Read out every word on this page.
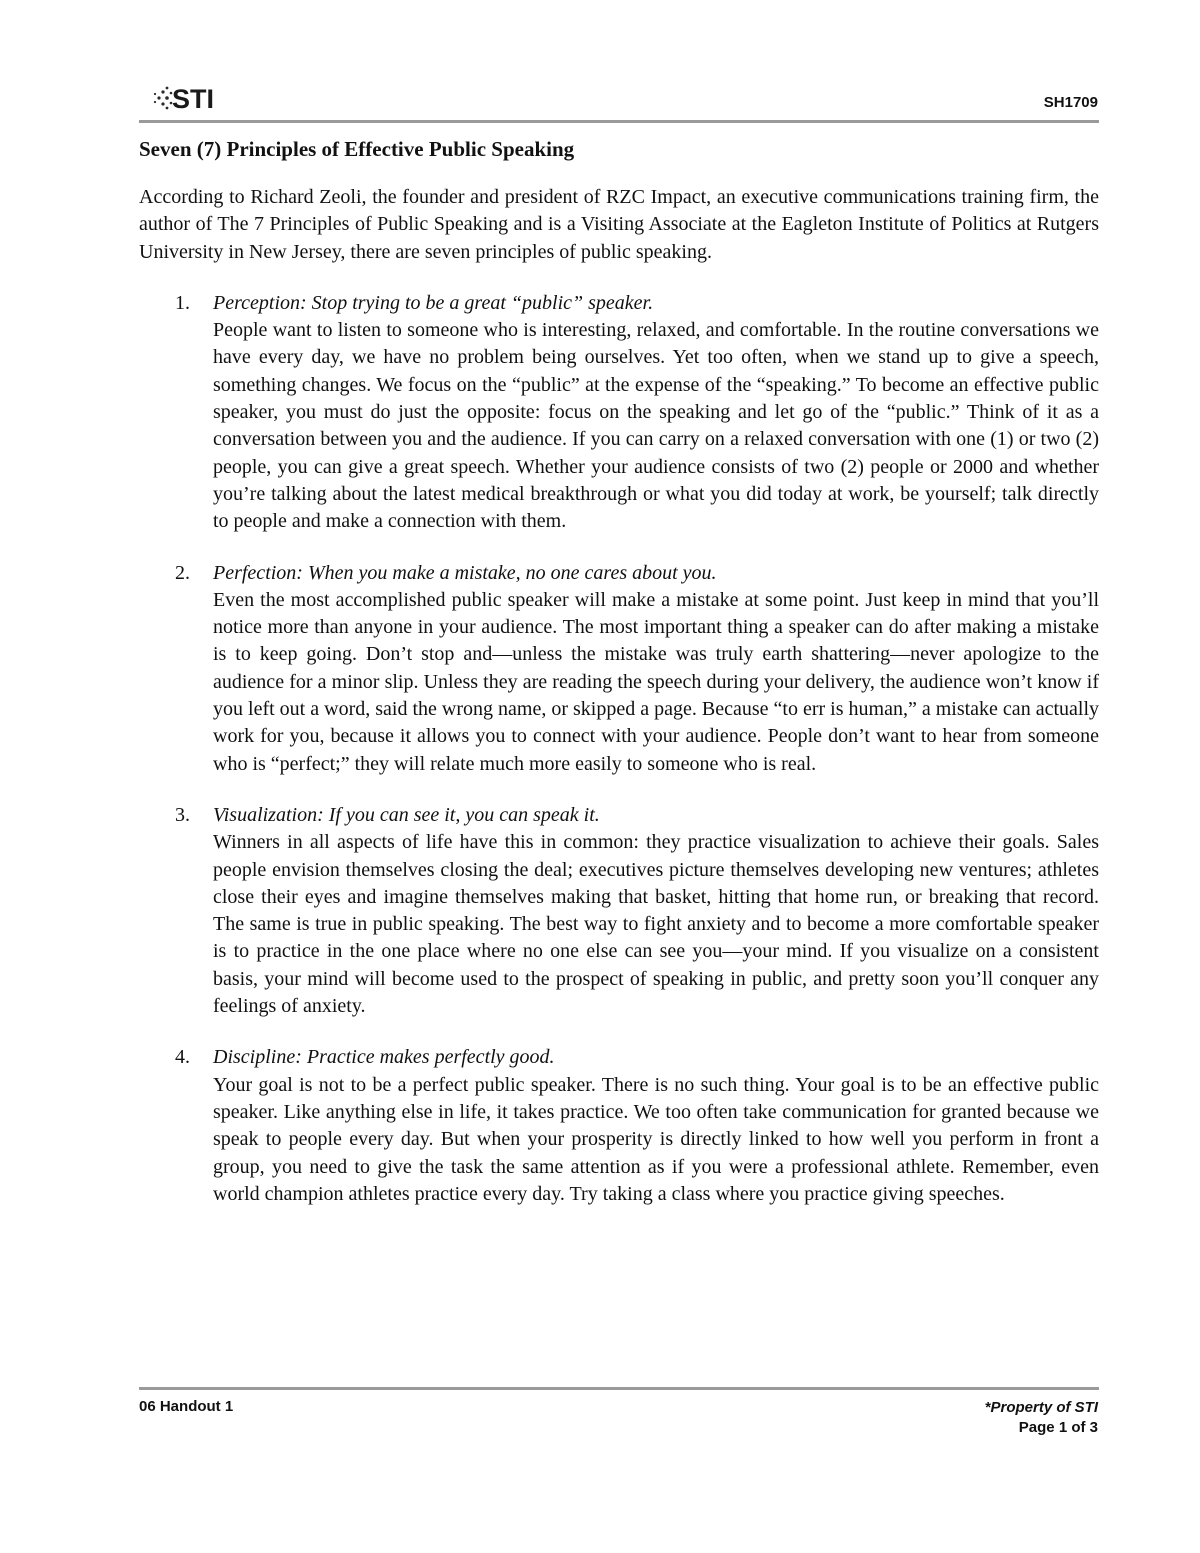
STI	SH1709
Seven (7) Principles of Effective Public Speaking

According to Richard Zeoli, the founder and president of RZC Impact, an executive communications training firm, the author of The 7 Principles of Public Speaking and is a Visiting Associate at the Eagleton Institute of Politics at Rutgers University in New Jersey, there are seven principles of public speaking.

1. Perception: Stop trying to be a great “public” speaker.
People want to listen to someone who is interesting, relaxed, and comfortable. In the routine conversations we have every day, we have no problem being ourselves. Yet too often, when we stand up to give a speech, something changes. We focus on the “public” at the expense of the “speaking.” To become an effective public speaker, you must do just the opposite: focus on the speaking and let go of the “public.” Think of it as a conversation between you and the audience. If you can carry on a relaxed conversation with one (1) or two (2) people, you can give a great speech. Whether your audience consists of two (2) people or 2000 and whether you’re talking about the latest medical breakthrough or what you did today at work, be yourself; talk directly to people and make a connection with them.
2. Perfection: When you make a mistake, no one cares about you.
Even the most accomplished public speaker will make a mistake at some point. Just keep in mind that you’ll notice more than anyone in your audience. The most important thing a speaker can do after making a mistake is to keep going. Don’t stop and—unless the mistake was truly earth shattering—never apologize to the audience for a minor slip. Unless they are reading the speech during your delivery, the audience won’t know if you left out a word, said the wrong name, or skipped a page. Because “to err is human,” a mistake can actually work for you, because it allows you to connect with your audience. People don’t want to hear from someone who is “perfect;” they will relate much more easily to someone who is real.
3. Visualization: If you can see it, you can speak it.
Winners in all aspects of life have this in common: they practice visualization to achieve their goals. Sales people envision themselves closing the deal; executives picture themselves developing new ventures; athletes close their eyes and imagine themselves making that basket, hitting that home run, or breaking that record. The same is true in public speaking. The best way to fight anxiety and to become a more comfortable speaker is to practice in the one place where no one else can see you—your mind. If you visualize on a consistent basis, your mind will become used to the prospect of speaking in public, and pretty soon you’ll conquer any feelings of anxiety.
4. Discipline: Practice makes perfectly good.
Your goal is not to be a perfect public speaker. There is no such thing. Your goal is to be an effective public speaker. Like anything else in life, it takes practice. We too often take communication for granted because we speak to people every day. But when your prosperity is directly linked to how well you perform in front a group, you need to give the task the same attention as if you were a professional athlete. Remember, even world champion athletes practice every day. Try taking a class where you practice giving speeches.
06 Handout 1	*Property of STI
Page 1 of 3
